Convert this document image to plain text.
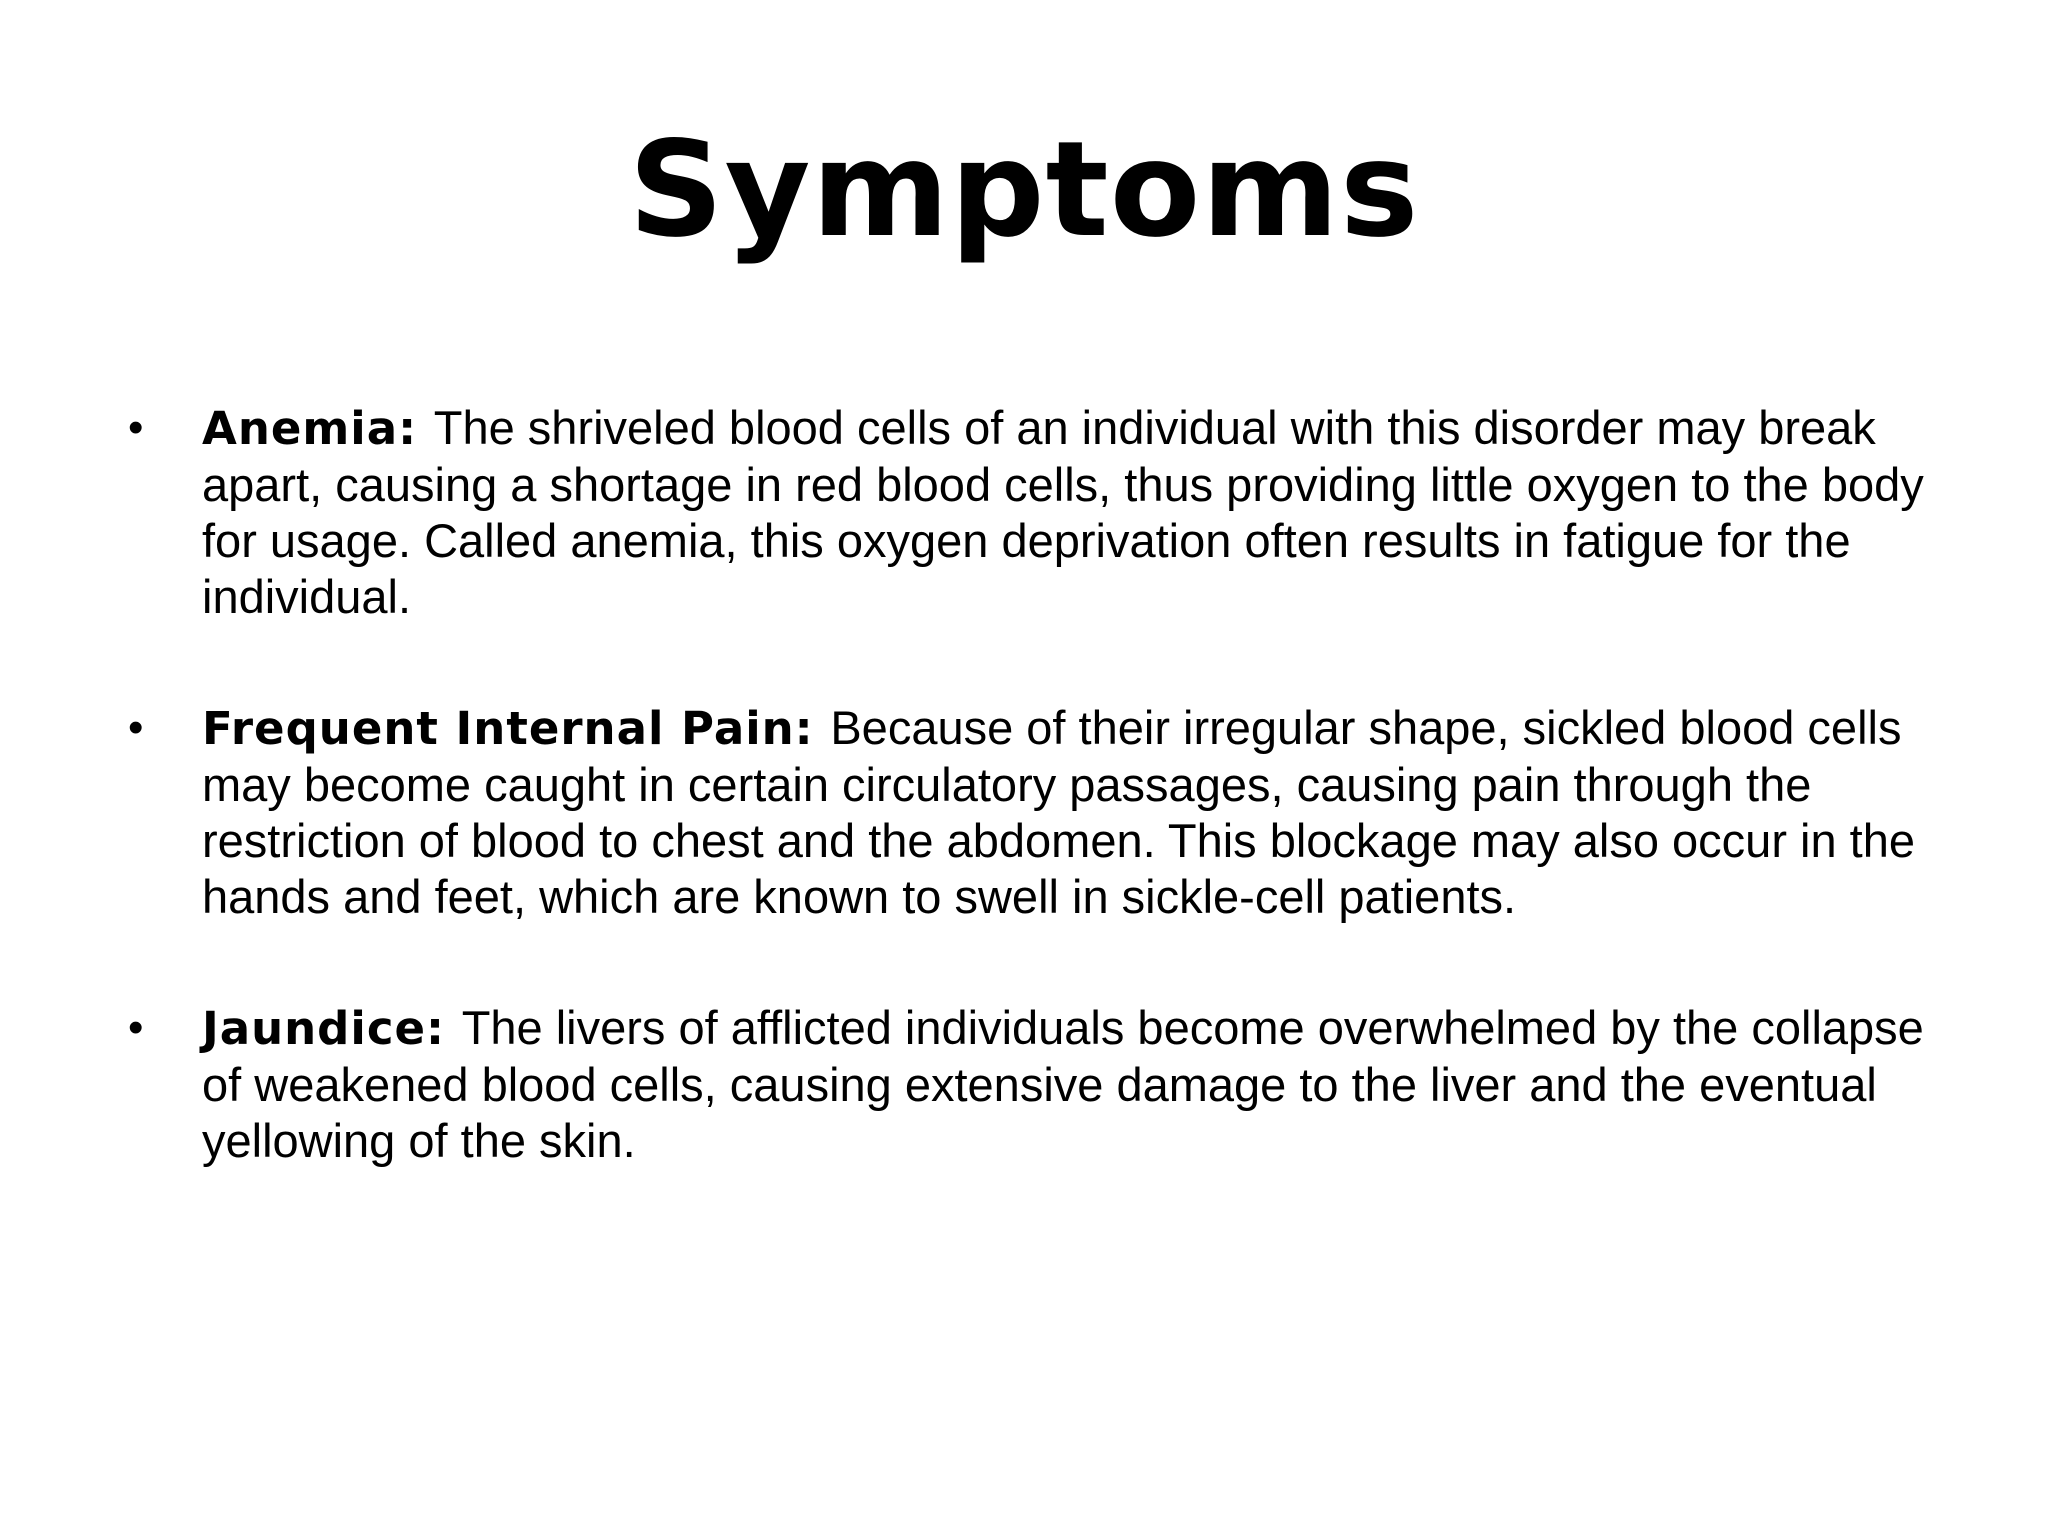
Symptoms
•	Anemia: The shriveled blood cells of an individual with this disorder may break apart, causing a shortage in red blood cells, thus providing little oxygen to the body for usage. Called anemia, this oxygen deprivation often results in fatigue for the individual.
•	Frequent Internal Pain: Because of their irregular shape, sickled blood cells may become caught in certain circulatory passages, causing pain through the restriction of blood to chest and the abdomen. This blockage may also occur in the hands and feet, which are known to swell in sickle-cell patients.
•	Jaundice: The livers of afflicted individuals become overwhelmed by the collapse of weakened blood cells, causing extensive damage to the liver and the eventual yellowing of the skin.
